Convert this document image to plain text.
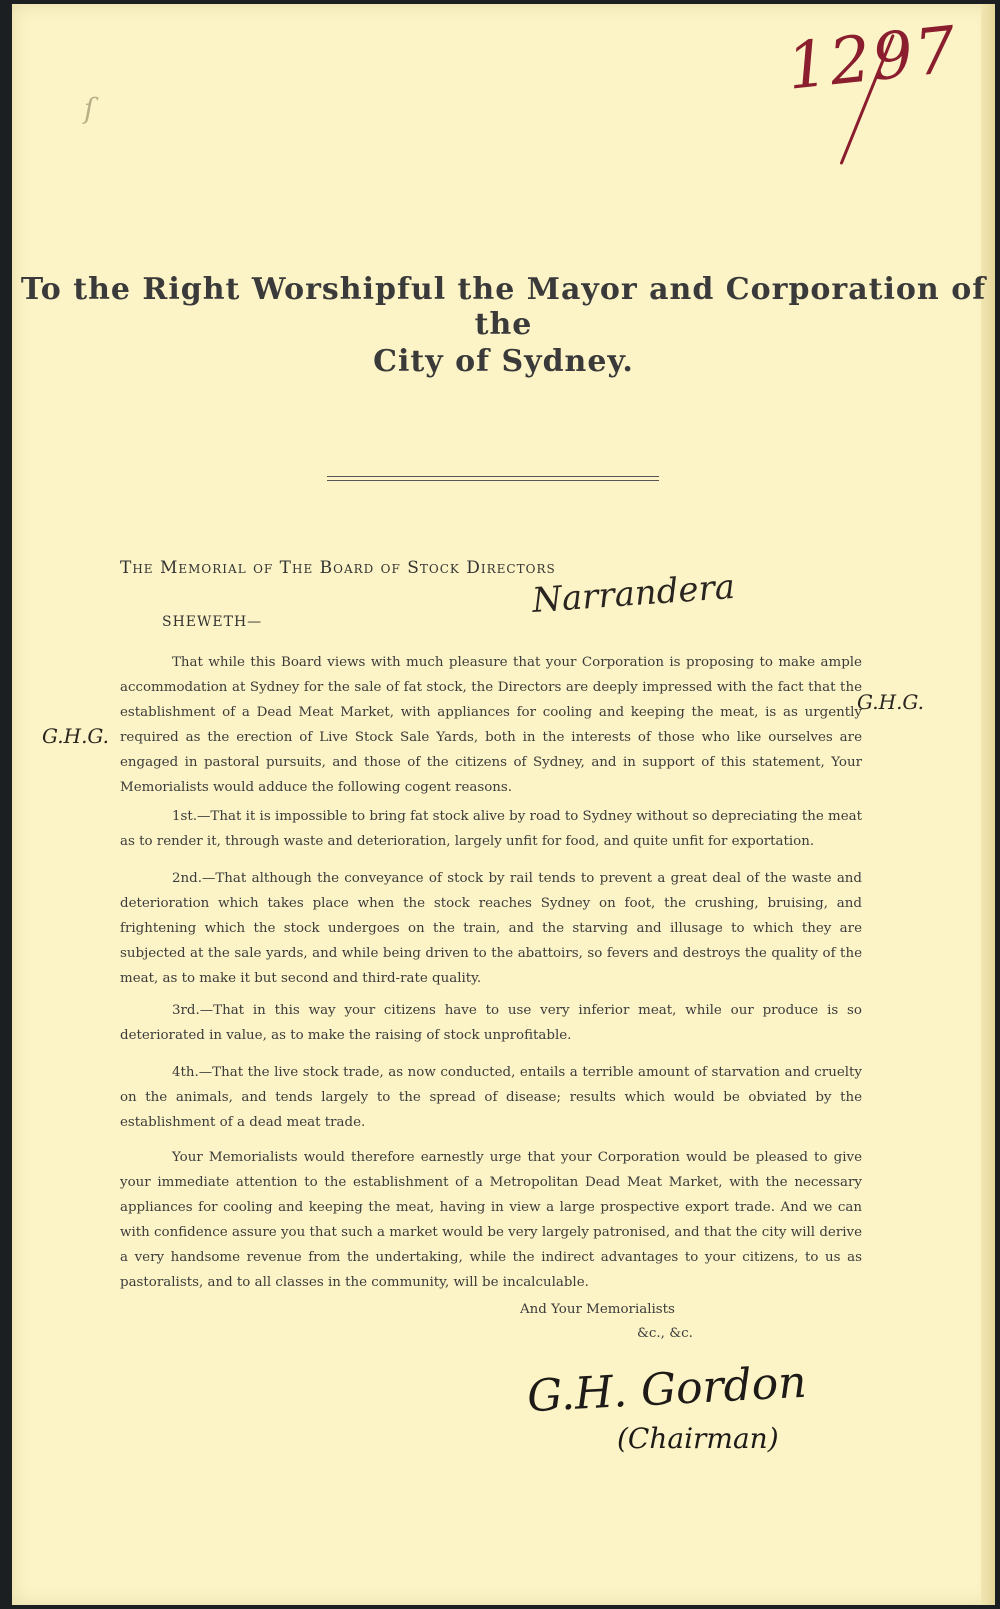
ſ
1297
To the Right Worshipful the Mayor and Corporation of the
City of Sydney.
The Memorial of The Board of Stock Directors
Narrandera
SHEWETH—

That while this Board views with much pleasure that your Corporation is proposing to make ample accommodation at Sydney for the sale of fat stock, the Directors are deeply impressed with the fact that the establishment of a Dead Meat Market, with appliances for cooling and keeping the meat, is as urgently required as the erection of Live Stock Sale Yards, both in the interests of those who like ourselves are engaged in pastoral pursuits, and those of the citizens of Sydney, and in support of this statement, Your Memorialists would adduce the following cogent reasons.

1st.—That it is impossible to bring fat stock alive by road to Sydney without so depreciating the meat as to render it, through waste and deterioration, largely unfit for food, and quite unfit for exportation.

2nd.—That although the conveyance of stock by rail tends to prevent a great deal of the waste and deterioration which takes place when the stock reaches Sydney on foot, the crushing, bruising, and frightening which the stock undergoes on the train, and the starving and illusage to which they are subjected at the sale yards, and while being driven to the abattoirs, so fevers and destroys the quality of the meat, as to make it but second and third-rate quality.

3rd.—That in this way your citizens have to use very inferior meat, while our produce is so deteriorated in value, as to make the raising of stock unprofitable.

4th.—That the live stock trade, as now conducted, entails a terrible amount of starvation and cruelty on the animals, and tends largely to the spread of disease; results which would be obviated by the establishment of a dead meat trade.

Your Memorialists would therefore earnestly urge that your Corporation would be pleased to give your immediate attention to the establishment of a Metropolitan Dead Meat Market, with the necessary appliances for cooling and keeping the meat, having in view a large prospective export trade. And we can with confidence assure you that such a market would be very largely patronised, and that the city will derive a very handsome revenue from the undertaking, while the indirect advantages to your citizens, to us as pastoralists, and to all classes in the community, will be incalculable.

G.H.G.
G.H.G.
And Your Memorialists
&c., &c.
G.H. Gordon
(Chairman)
